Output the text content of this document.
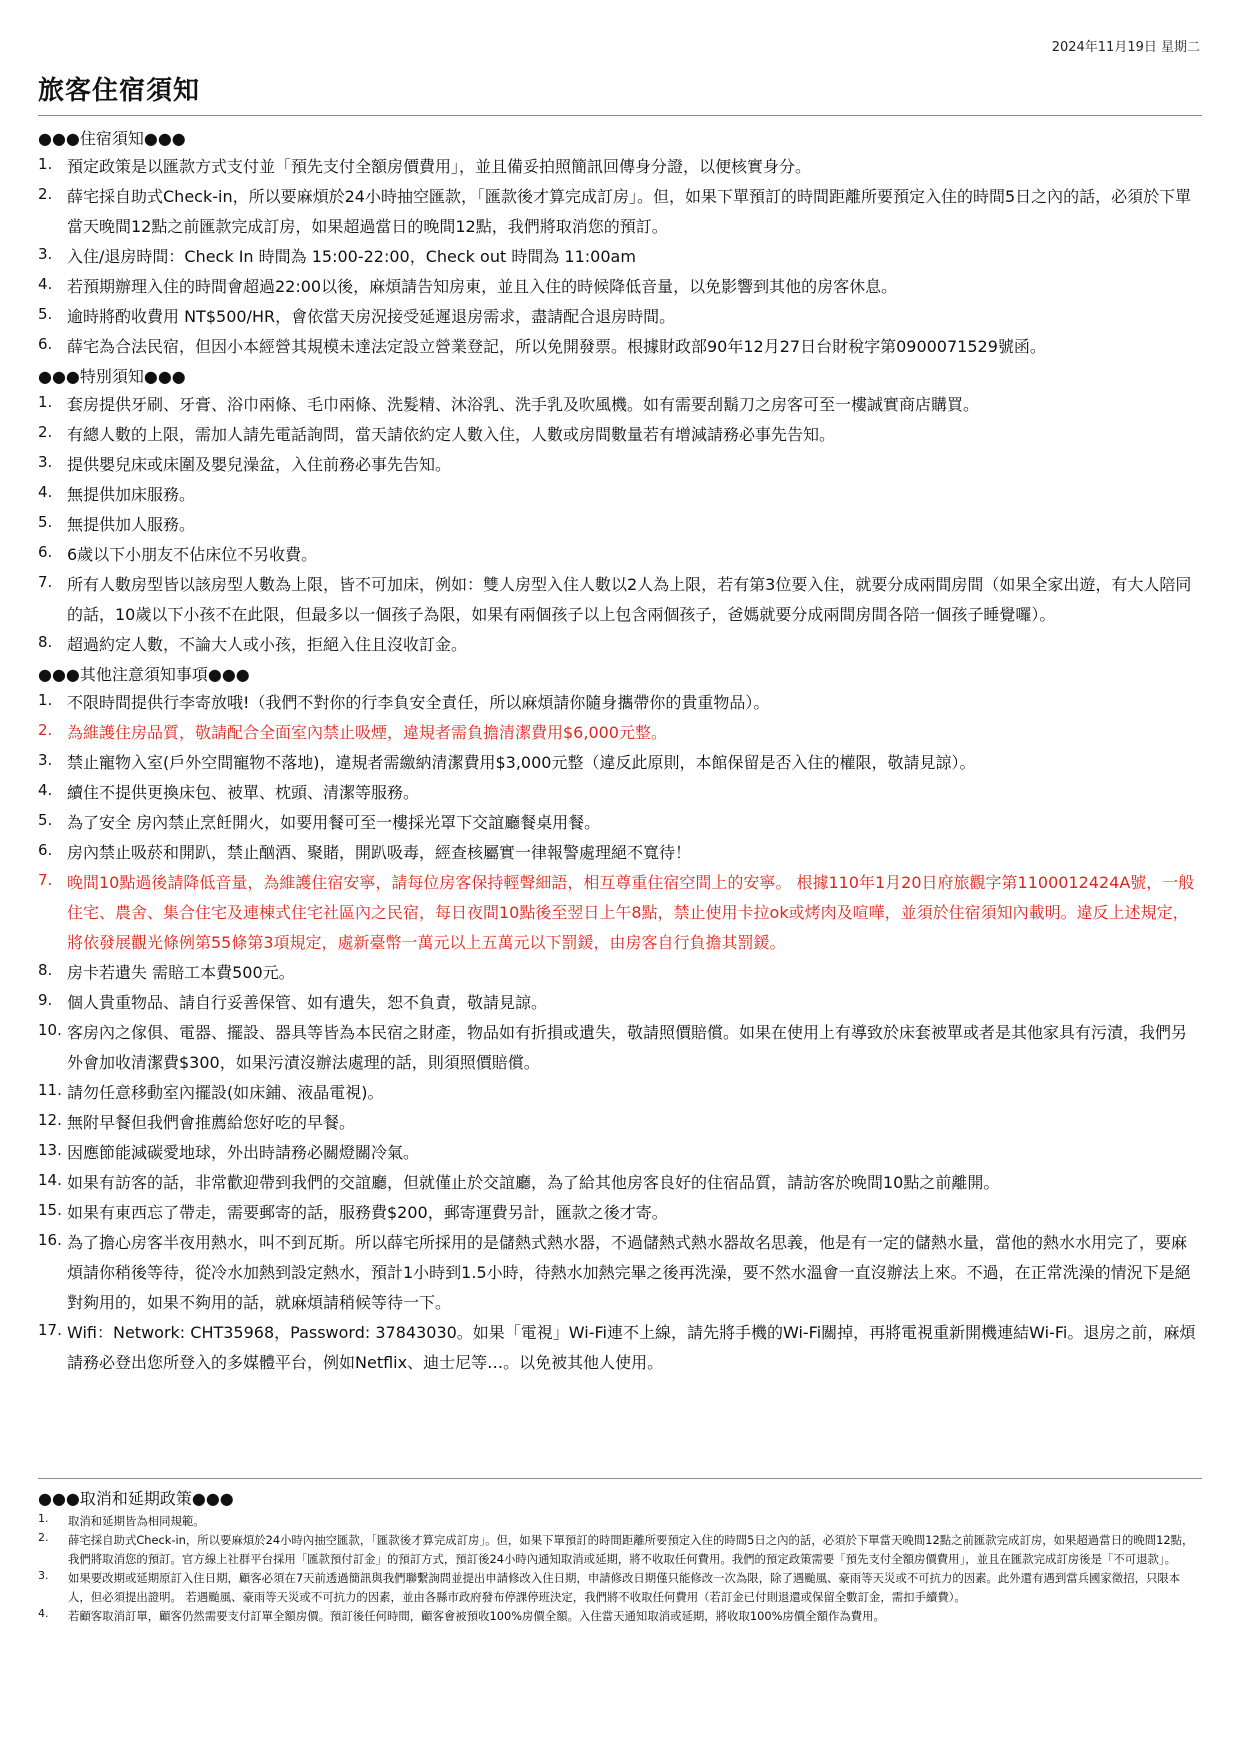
2024年11月19日 星期二
旅客住宿須知
●●●住宿須知●●●
1. 預定政策是以匯款方式支付並「預先支付全額房價費用」，並且備妥拍照簡訊回傳身分證，以便核實身分。
2. 薛宅採自助式Check-in，所以要麻煩於24小時抽空匯款，「匯款後才算完成訂房」。但，如果下單預訂的時間距離所要預定入住的時間5日之內的話，必須於下單當天晚間12點之前匯款完成訂房，如果超過當日的晚間12點，我們將取消您的預訂。
3. 入住/退房時間：Check In 時間為 15:00-22:00，Check out 時間為 11:00am
4. 若預期辦理入住的時間會超過22:00以後，麻煩請告知房東，並且入住的時候降低音量，以免影響到其他的房客休息。
5. 逾時將酌收費用 NT$500/HR，會依當天房況接受延遲退房需求，盡請配合退房時間。
6. 薛宅為合法民宿，但因小本經營其規模未達法定設立營業登記，所以免開發票。根據財政部90年12月27日台財稅字第0900071529號函。
●●●特別須知●●●
1. 套房提供牙刷、牙膏、浴巾兩條、毛巾兩條、洗髮精、沐浴乳、洗手乳及吹風機。如有需要刮鬍刀之房客可至一樓誠實商店購買。
2. 有總人數的上限，需加人請先電話詢問，當天請依約定人數入住，人數或房間數量若有增減請務必事先告知。
3. 提供嬰兒床或床圍及嬰兒澡盆，入住前務必事先告知。
4. 無提供加床服務。
5. 無提供加人服務。
6. 6歲以下小朋友不佔床位不另收費。
7. 所有人數房型皆以該房型人數為上限，皆不可加床，例如：雙人房型入住人數以2人為上限，若有第3位要入住，就要分成兩間房間（如果全家出遊，有大人陪同的話，10歲以下小孩不在此限，但最多以一個孩子為限，如果有兩個孩子以上包含兩個孩子，爸媽就要分成兩間房間各陪一個孩子睡覺囉）。
8. 超過約定人數，不論大人或小孩，拒絕入住且沒收訂金。
●●●其他注意須知事項●●●
1. 不限時間提供行李寄放哦!（我們不對你的行李負安全責任，所以麻煩請你隨身攜帶你的貴重物品）。
2. 為維護住房品質，敬請配合全面室內禁止吸煙，違規者需負擔清潔費用$6,000元整。
3. 禁止寵物入室(戶外空間寵物不落地)，違規者需繳納清潔費用$3,000元整（違反此原則，本館保留是否入住的權限，敬請見諒）。
4. 續住不提供更換床包、被單、枕頭、清潔等服務。
5. 為了安全 房內禁止烹飪開火，如要用餐可至一樓採光罩下交誼廳餐桌用餐。
6. 房內禁止吸菸和開趴，禁止酗酒、聚賭，開趴吸毒，經查核屬實一律報警處理絕不寬待！
7. 晚間10點過後請降低音量，為維護住宿安寧，請每位房客保持輕聲細語，相互尊重住宿空間上的安寧。 根據110年1月20日府旅觀字第1100012424A號，一般住宅、農舍、集合住宅及連棟式住宅社區內之民宿，每日夜間10點後至翌日上午8點，禁止使用卡拉ok或烤肉及喧嘩，並須於住宿須知內載明。違反上述規定，將依發展觀光條例第55條第3項規定，處新臺幣一萬元以上五萬元以下罰鍰，由房客自行負擔其罰鍰。
8. 房卡若遺失 需賠工本費500元。
9. 個人貴重物品、請自行妥善保管、如有遺失，恕不負責，敬請見諒。
10. 客房內之傢俱、電器、擺設、器具等皆為本民宿之財產，物品如有折損或遺失，敬請照價賠償。如果在使用上有導致於床套被單或者是其他家具有污漬，我們另外會加收清潔費$300，如果污漬沒辦法處理的話，則須照價賠償。
11. 請勿任意移動室內擺設(如床鋪、液晶電視)。
12. 無附早餐但我們會推薦給您好吃的早餐。
13. 因應節能減碳愛地球，外出時請務必關燈關冷氣。
14. 如果有訪客的話，非常歡迎帶到我們的交誼廳，但就僅止於交誼廳，為了給其他房客良好的住宿品質，請訪客於晚間10點之前離開。
15. 如果有東西忘了帶走，需要郵寄的話，服務費$200，郵寄運費另計，匯款之後才寄。
16. 為了擔心房客半夜用熱水，叫不到瓦斯。所以薛宅所採用的是儲熱式熱水器，不過儲熱式熱水器故名思義，他是有一定的儲熱水量，當他的熱水水用完了，要麻煩請你稍後等待，從冷水加熱到設定熱水，預計1小時到1.5小時，待熱水加熱完畢之後再洗澡，要不然水溫會一直沒辦法上來。不過，在正常洗澡的情況下是絕對夠用的，如果不夠用的話，就麻煩請稍候等待一下。
17. Wifi：Network: CHT35968，Password: 37843030。如果「電視」Wi-Fi連不上線，請先將手機的Wi-Fi關掉，再將電視重新開機連結Wi-Fi。退房之前，麻煩請務必登出您所登入的多媒體平台，例如Netflix、迪士尼等…。以免被其他人使用。
●●●取消和延期政策●●●
1. 取消和延期皆為相同規範。
2. 薛宅採自助式Check-in，所以要麻煩於24小時內抽空匯款，「匯款後才算完成訂房」。但，如果下單預訂的時間距離所要預定入住的時間5日之內的話，必須於下單當天晚間12點之前匯款完成訂房，如果超過當日的晚間12點，我們將取消您的預訂。官方線上社群平台採用「匯款預付訂金」的預訂方式，預訂後24小時內通知取消或延期，將不收取任何費用。我們的預定政策需要「預先支付全額房價費用」，並且在匯款完成訂房後是「不可退款」。
3. 如果要改期或延期原訂入住日期，顧客必須在7天前透過簡訊與我們聯繫詢問並提出申請修改入住日期，申請修改日期僅只能修改一次為限，除了遇颱風、豪雨等天災或不可抗力的因素。此外還有遇到當兵國家徵招，只限本人，但必須提出證明。 若遇颱風、豪雨等天災或不可抗力的因素，並由各縣市政府發布停課停班決定，我們將不收取任何費用（若訂金已付則退還或保留全數訂金，需扣手續費）。
4. 若顧客取消訂單，顧客仍然需要支付訂單全額房價。預訂後任何時間，顧客會被預收100%房價全額。入住當天通知取消或延期，將收取100%房價全額作為費用。
